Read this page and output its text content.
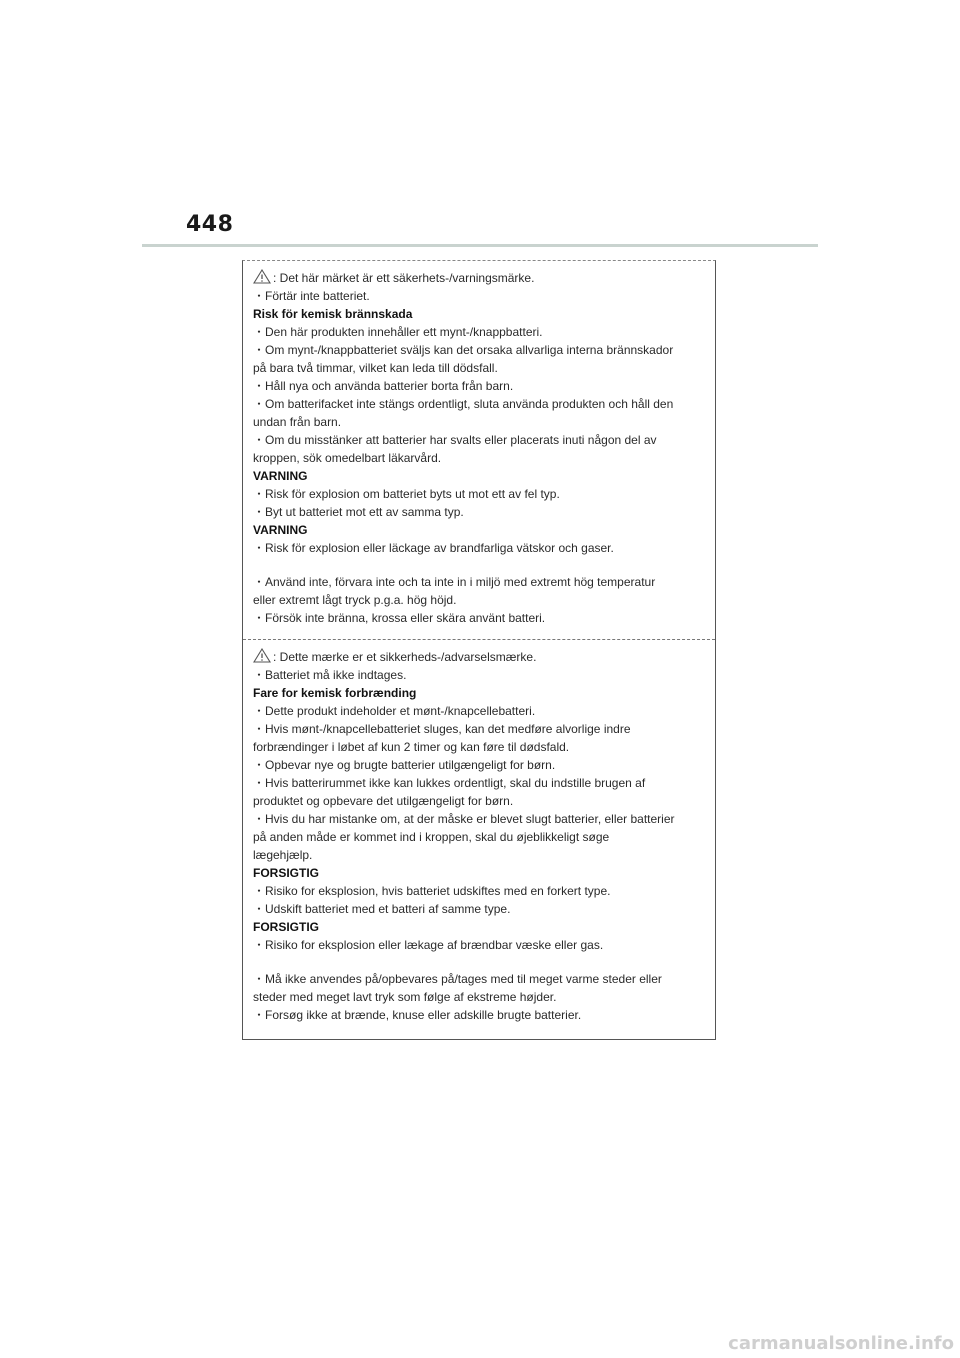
448
: Det här märket är ett säkerhets-/varningsmärke.
・Förtär inte batteriet.
Risk för kemisk brännskada
・Den här produkten innehåller ett mynt-/knappbatteri.
・Om mynt-/knappbatteriet sväljs kan det orsaka allvarliga interna brännskador
på bara två timmar, vilket kan leda till dödsfall.
・Håll nya och använda batterier borta från barn.
・Om batterifacket inte stängs ordentligt, sluta använda produkten och håll den
undan från barn.
・Om du misstänker att batterier har svalts eller placerats inuti någon del av
kroppen, sök omedelbart läkarvård.
VARNING
・Risk för explosion om batteriet byts ut mot ett av fel typ.
・Byt ut batteriet mot ett av samma typ.
VARNING
・Risk för explosion eller läckage av brandfarliga vätskor och gaser.
・Använd inte, förvara inte och ta inte in i miljö med extremt hög temperatur
eller extremt lågt tryck p.g.a. hög höjd.
・Försök inte bränna, krossa eller skära använt batteri.
: Dette mærke er et sikkerheds-/advarselsmærke.
・Batteriet må ikke indtages.
Fare for kemisk forbrænding
・Dette produkt indeholder et mønt-/knapcellebatteri.
・Hvis mønt-/knapcellebatteriet sluges, kan det medføre alvorlige indre
forbrændinger i løbet af kun 2 timer og kan føre til dødsfald.
・Opbevar nye og brugte batterier utilgængeligt for børn.
・Hvis batterirummet ikke kan lukkes ordentligt, skal du indstille brugen af
produktet og opbevare det utilgængeligt for børn.
・Hvis du har mistanke om, at der måske er blevet slugt batterier, eller batterier
på anden måde er kommet ind i kroppen, skal du øjeblikkeligt søge
lægehjælp.
FORSIGTIG
・Risiko for eksplosion, hvis batteriet udskiftes med en forkert type.
・Udskift batteriet med et batteri af samme type.
FORSIGTIG
・Risiko for eksplosion eller lækage af brændbar væske eller gas.
・Må ikke anvendes på/opbevares på/tages med til meget varme steder eller
steder med meget lavt tryk som følge af ekstreme højder.
・Forsøg ikke at brænde, knuse eller adskille brugte batterier.
carmanualsonline.info
